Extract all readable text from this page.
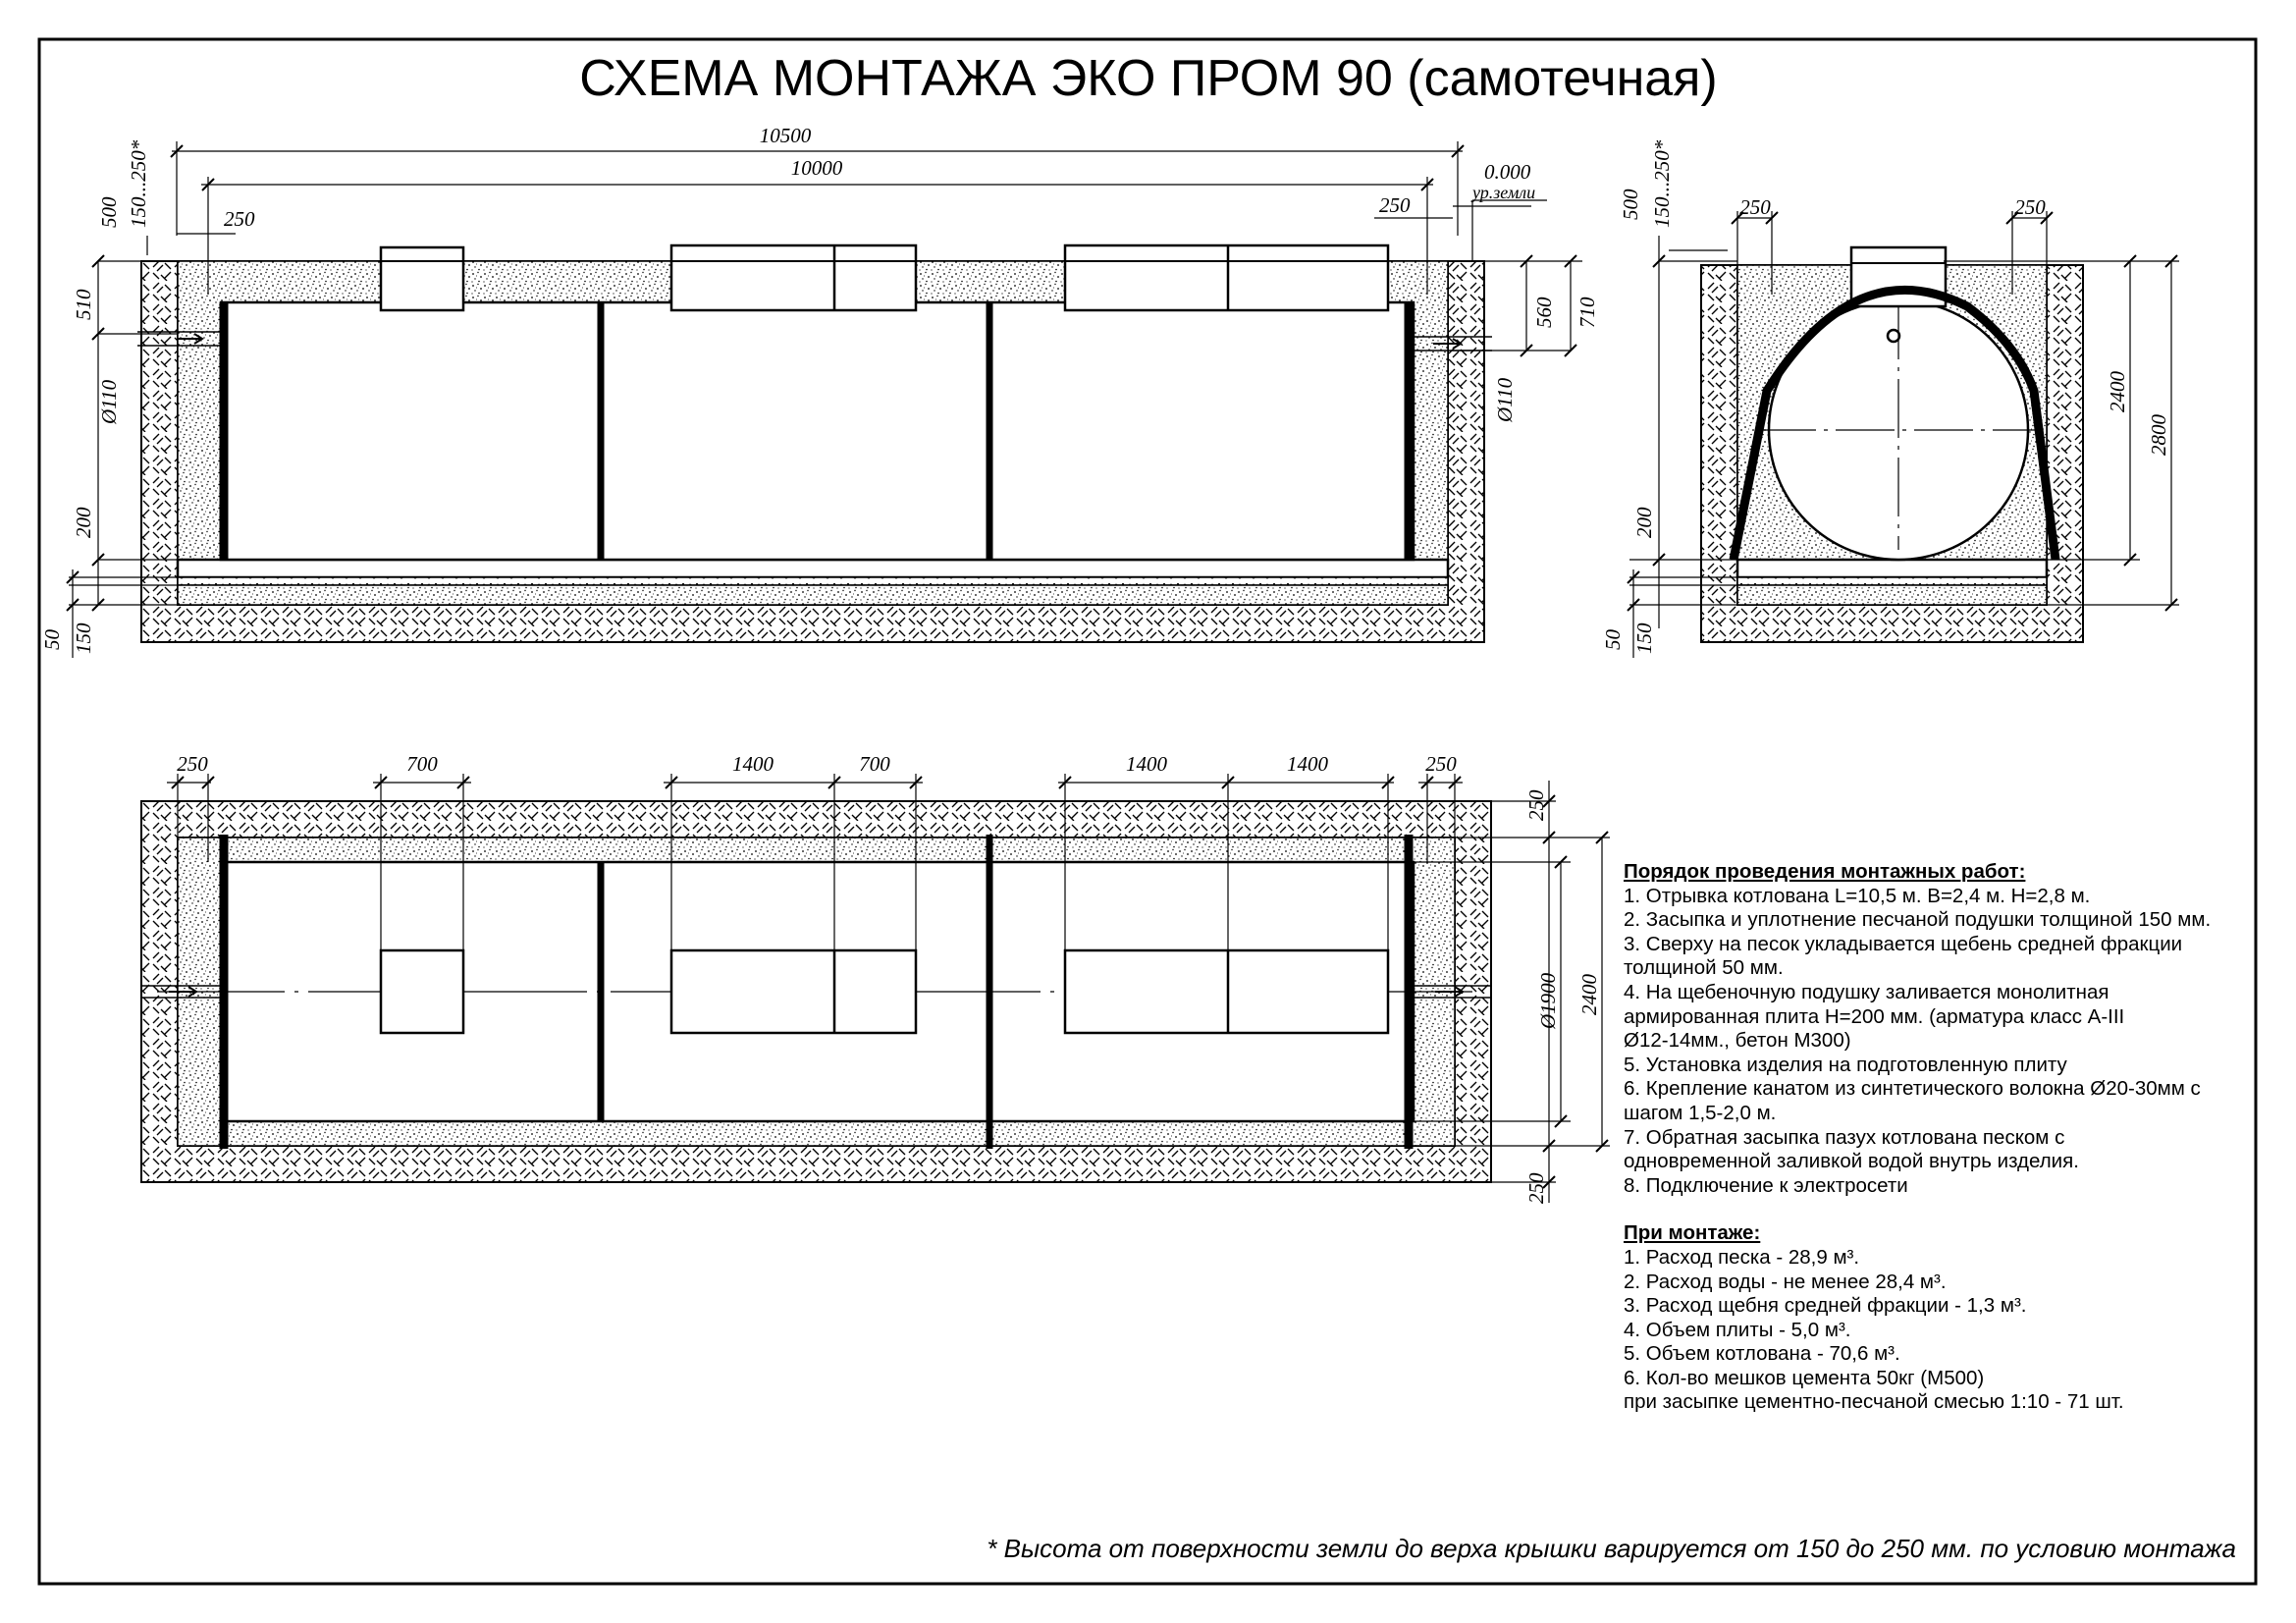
10500
10000
250
250
0.000
ур.земли
150...250*
500
510
Ø110
200
50 150
560 710
Ø110
150...250*
500	250	250
2400
2800
200
50 150
250	700	1400	700	1400	1400	250
250
250
Ø1900 2400
СХЕМА МОНТАЖА ЭКО ПРОМ 90 (самотечная)
Порядок проведения монтажных работ:
1. Отрывка котлована L=10,5 м. B=2,4 м. H=2,8 м.
2. Засыпка и уплотнение песчаной подушки толщиной 150 мм.
3. Сверху на песок укладывается щебень средней фракции
толщиной 50 мм.
4. На щебеночную подушку заливается монолитная
армированная плита H=200 мм. (арматура класс A-III
Ø12-14мм., бетон М300)
5. Установка изделия на подготовленную плиту
6. Крепление канатом из синтетического волокна Ø20-30мм с
шагом 1,5-2,0 м.
7. Обратная засыпка пазух котлована песком с
одновременной заливкой водой внутрь изделия.
8. Подключение к электросети
При монтаже:
1. Расход песка - 28,9 м³.
2. Расход воды - не менее 28,4 м³.
3. Расход щебня средней фракции - 1,3 м³.
4. Объем плиты - 5,0 м³.
5. Объем котлована - 70,6 м³.
6. Кол-во мешков цемента 50кг (М500)
при засыпке цементно-песчаной смесью 1:10 - 71 шт.
* Высота от поверхности земли до верха крышки варируется от 150 до 250 мм. по условию монтажа
